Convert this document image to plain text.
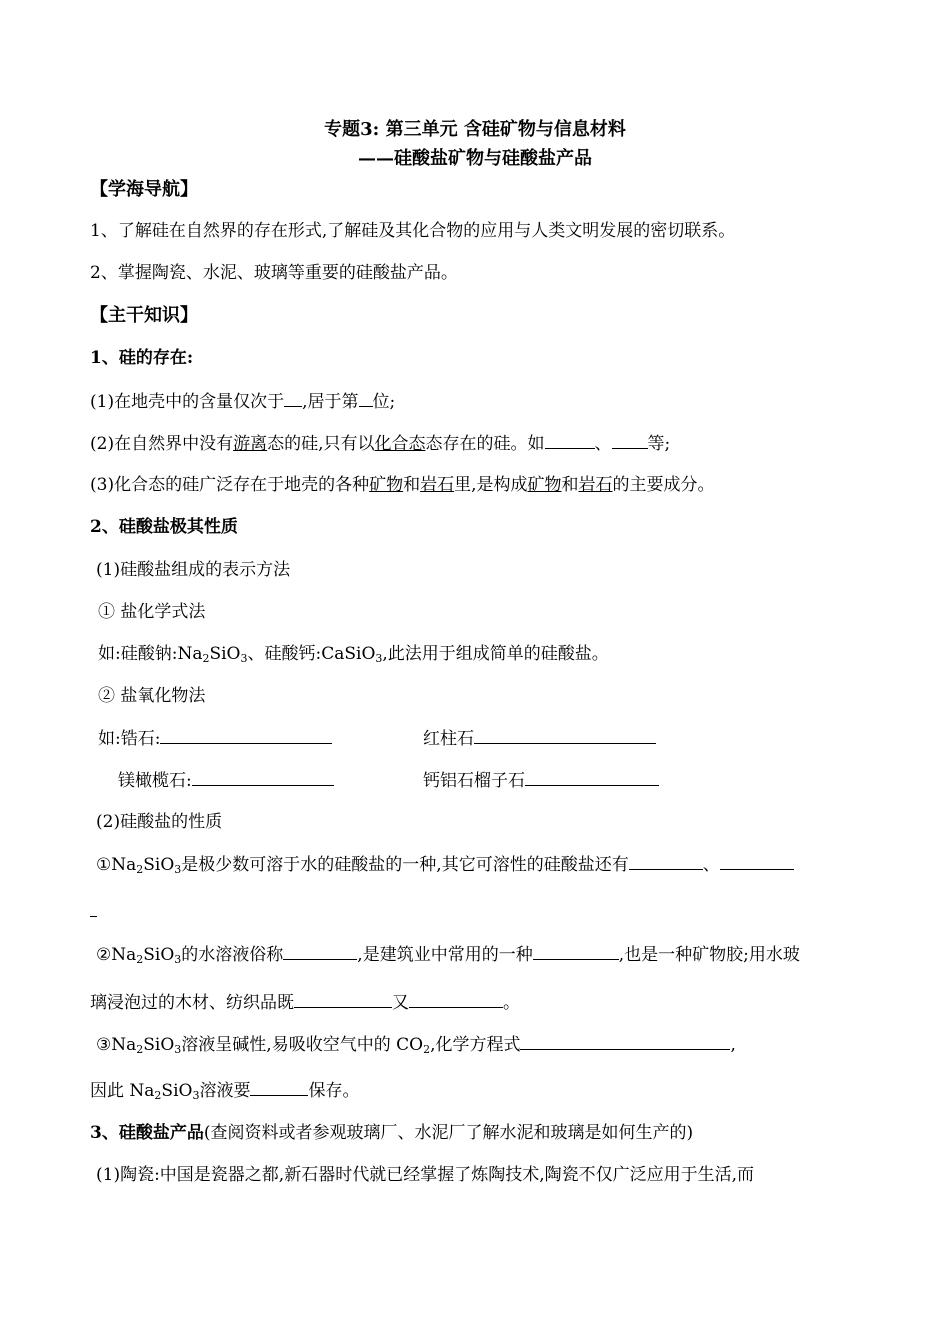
专题3: 第三单元 含硅矿物与信息材料
——硅酸盐矿物与硅酸盐产品
【学海导航】
1、了解硅在自然界的存在形式,了解硅及其化合物的应用与人类文明发展的密切联系。
2、掌握陶瓷、水泥、玻璃等重要的硅酸盐产品。
【主干知识】
1、硅的存在:
(1)在地壳中的含量仅次于 ,居于第 位;
(2)在自然界中没有游离态的硅,只有以化合态态存在的硅。如	、 等;
(3)化合态的硅广泛存在于地壳的各种矿物和岩石里,是构成矿物和岩石的主要成分。
2、硅酸盐极其性质
(1)硅酸盐组成的表示方法
① 盐化学式法
如:硅酸钠$:Na_2SiO_3$、硅酸钙:CaSiO$_3$,此法用于组成简单的硅酸盐。
② 盐氧化物法
如:锆石:	红柱石
镁橄榄石:	钙铝石榴子石
(2)硅酸盐的性质
$①Na_2SiO_3$是极少数可溶于水的硅酸盐的一种,其它可溶性的硅酸盐还有	、
$②Na_2SiO_3$的水溶液俗称	,是建筑业中常用的一种	,也是一种矿物胶;用水玻
璃浸泡过的木材、纺织品既	又	。
$③Na_2SiO_3$溶液呈碱性,易吸收空气中的 $CO_2$,化学方程式	,
因此 $Na_2SiO_3$溶液要	保存。
3、硅酸盐产品(查阅资料或者参观玻璃厂、水泥厂了解水泥和玻璃是如何生产的)
(1)陶瓷:中国是瓷器之都,新石器时代就已经掌握了炼陶技术,陶瓷不仅广泛应用于生活,而
